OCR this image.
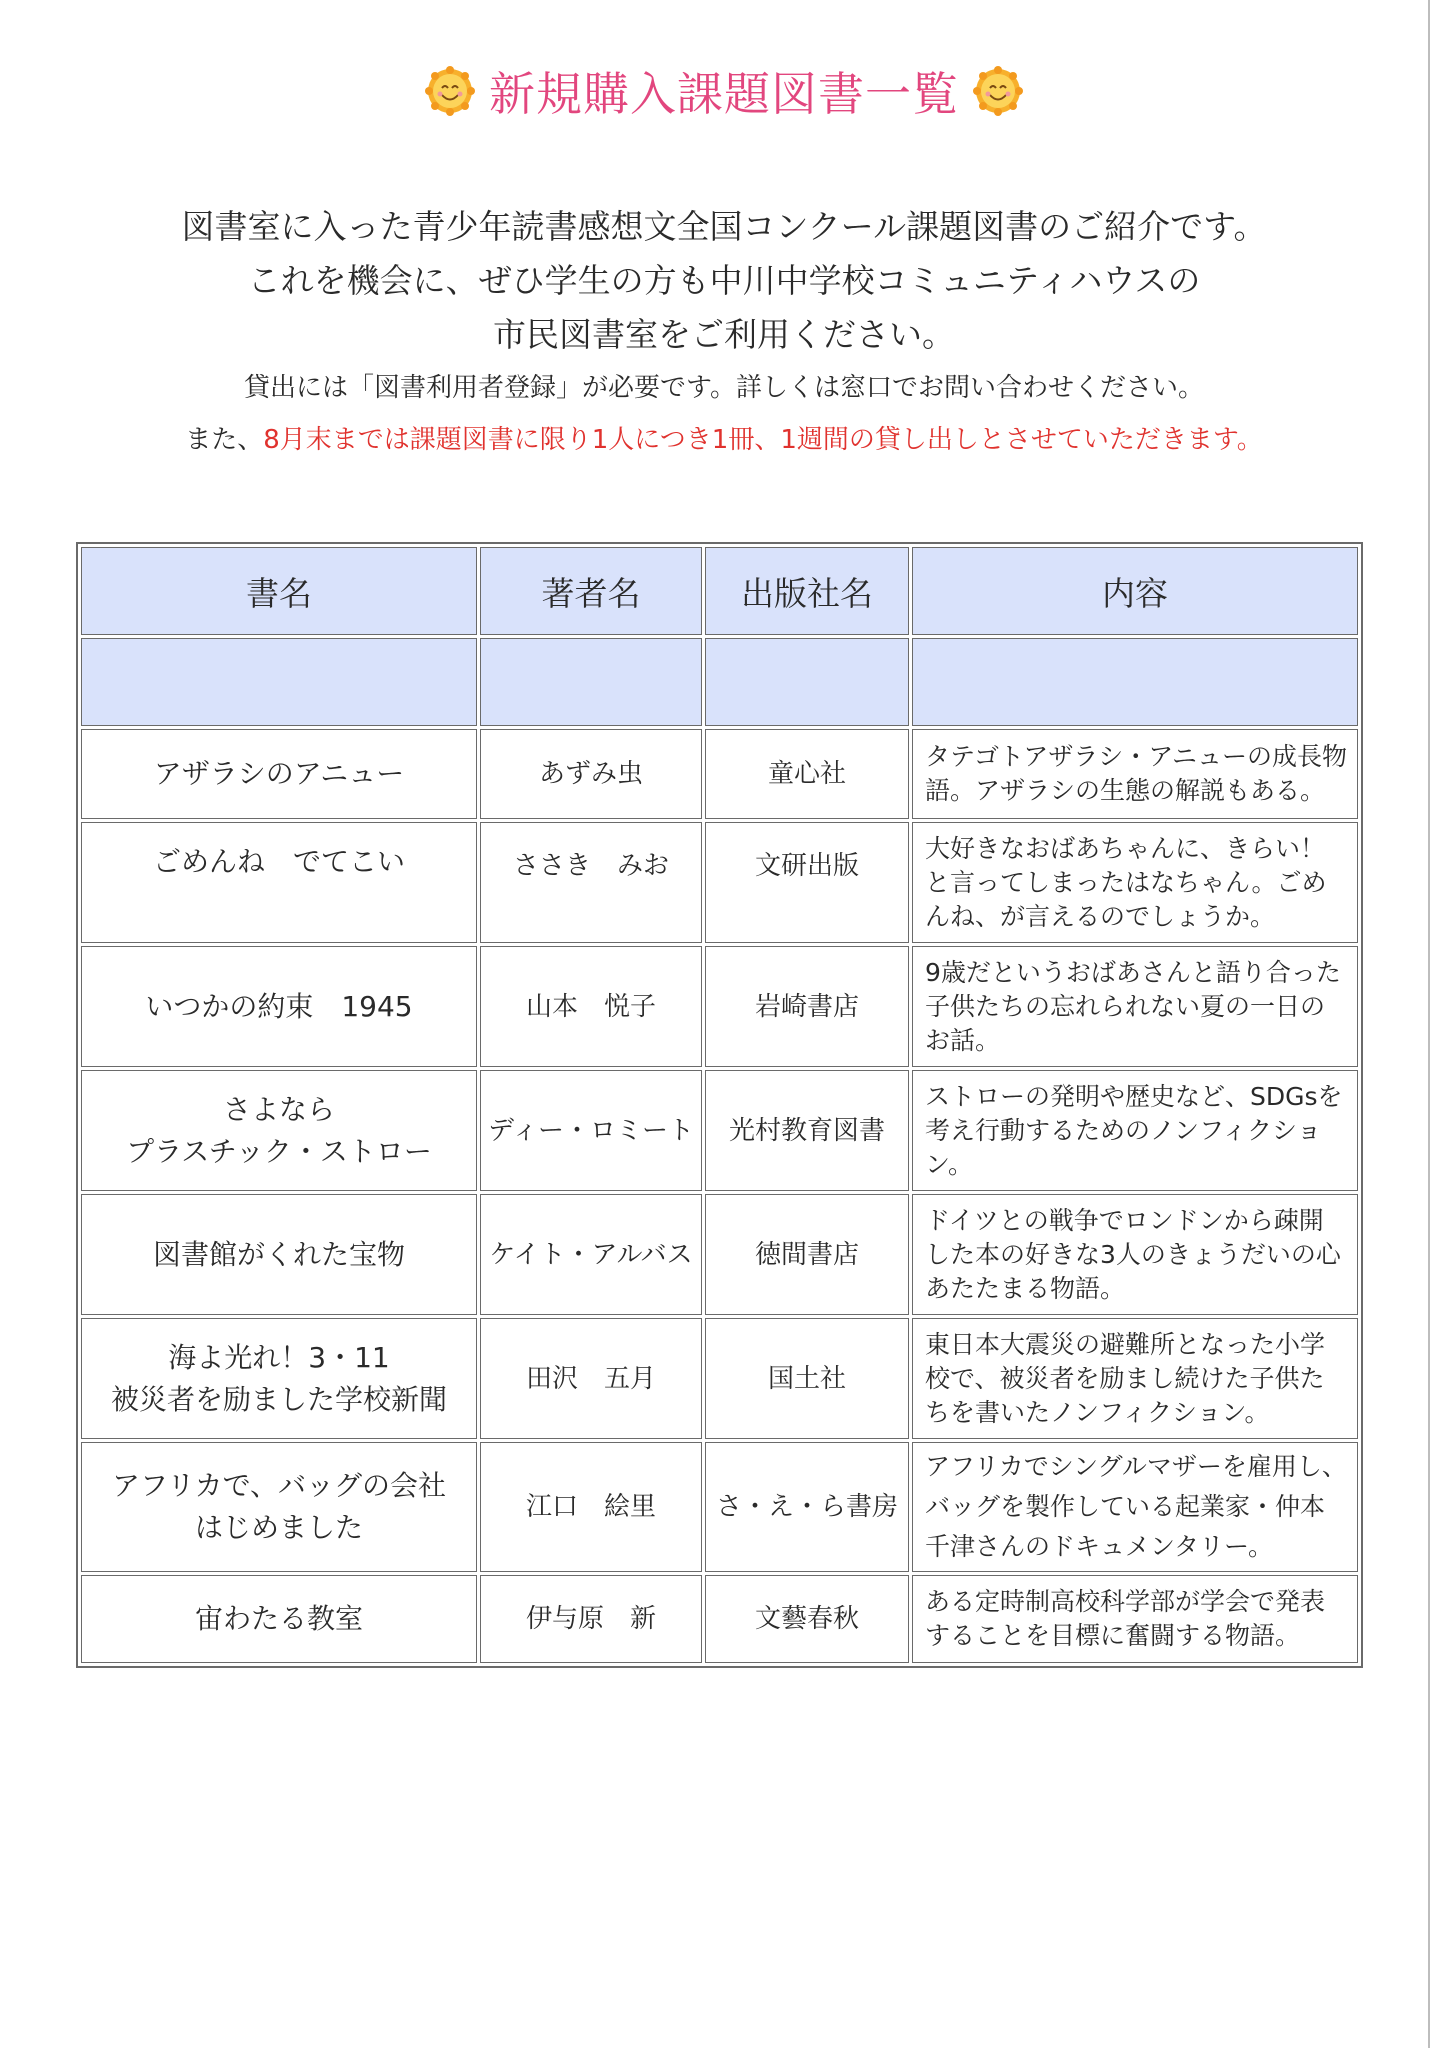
新規購入課題図書一覧
図書室に入った青少年読書感想文全国コンクール課題図書のご紹介です。
これを機会に、ぜひ学生の方も中川中学校コミュニティハウスの
市民図書室をご利用ください。
貸出には「図書利用者登録」が必要です。詳しくは窓口でお問い合わせください。
また、8月末までは課題図書に限り1人につき1冊、1週間の貸し出しとさせていただきます。
書名	著者名	出版社名	内容

アザラシのアニュー	あずみ虫	童心社	タテゴトアザラシ・アニューの成長物語。アザラシの生態の解説もある。

ごめんね　でてこい	ささき　みお	文研出版	大好きなおばあちゃんに、きらい！と言ってしまったはなちゃん。ごめんね、が言えるのでしょうか。

いつかの約束　1945	山本　悦子	岩崎書店	9歳だというおばあさんと語り合った子供たちの忘れられない夏の一日のお話。

さよなら
プラスチック・ストロー	ディー・ロミート	光村教育図書	ストローの発明や歴史など、SDGsを考え行動するためのノンフィクション。

図書館がくれた宝物	ケイト・アルバス	徳間書店	ドイツとの戦争でロンドンから疎開した本の好きな3人のきょうだいの心あたたまる物語。

海よ光れ！3・11
被災者を励ました学校新聞	田沢　五月	国土社	東日本大震災の避難所となった小学校で、被災者を励まし続けた子供たちを書いたノンフィクション。

アフリカで、バッグの会社
はじめました	江口　絵里	さ・え・ら書房	アフリカでシングルマザーを雇用し、バッグを製作している起業家・仲本千津さんのドキュメンタリー。

宙わたる教室	伊与原　新	文藝春秋	ある定時制高校科学部が学会で発表することを目標に奮闘する物語。
